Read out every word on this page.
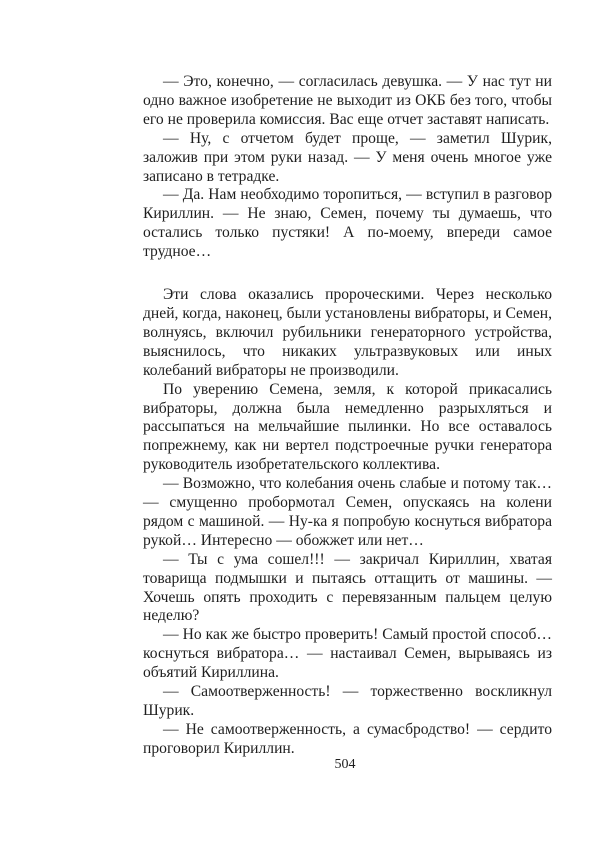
— Это, конечно, — согласилась девушка. — У нас тут ни одно важное изобретение не выходит из ОКБ без того, чтобы его не проверила комиссия. Вас еще отчет заставят написать.

— Ну, с отчетом будет проще, — заметил Шурик, заложив при этом руки назад. — У меня очень многое уже записано в тетрадке.

— Да. Нам необходимо торопиться, — вступил в разговор Кириллин. — Не знаю, Семен, почему ты думаешь, что остались только пустяки! А по-моему, впереди самое трудное…

Эти слова оказались пророческими. Через несколько дней, когда, наконец, были установлены вибраторы, и Семен, волнуясь, включил рубильники генераторного устройства, выяснилось, что никаких ультразвуковых или иных колебаний вибраторы не производили.

По уверению Семена, земля, к которой прикасались вибраторы, должна была немедленно разрыхляться и рассыпаться на мельчайшие пылинки. Но все оставалось попрежнему, как ни вертел подстроечные ручки генератора руководитель изобретательского коллектива.

— Возможно, что колебания очень слабые и потому так… — смущенно пробормотал Семен, опускаясь на колени рядом с машиной. — Ну-ка я попробую коснуться вибратора рукой… Интересно — обожжет или нет…

— Ты с ума сошел!!! — закричал Кириллин, хватая товарища подмышки и пытаясь оттащить от машины. — Хочешь опять проходить с перевязанным пальцем целую неделю?

— Но как же быстро проверить! Самый простой способ… коснуться вибратора… — настаивал Семен, вырываясь из объятий Кириллина.

— Самоотверженность! — торжественно воскликнул Шурик.

— Не самоотверженность, а сумасбродство! — сердито проговорил Кириллин.

504
